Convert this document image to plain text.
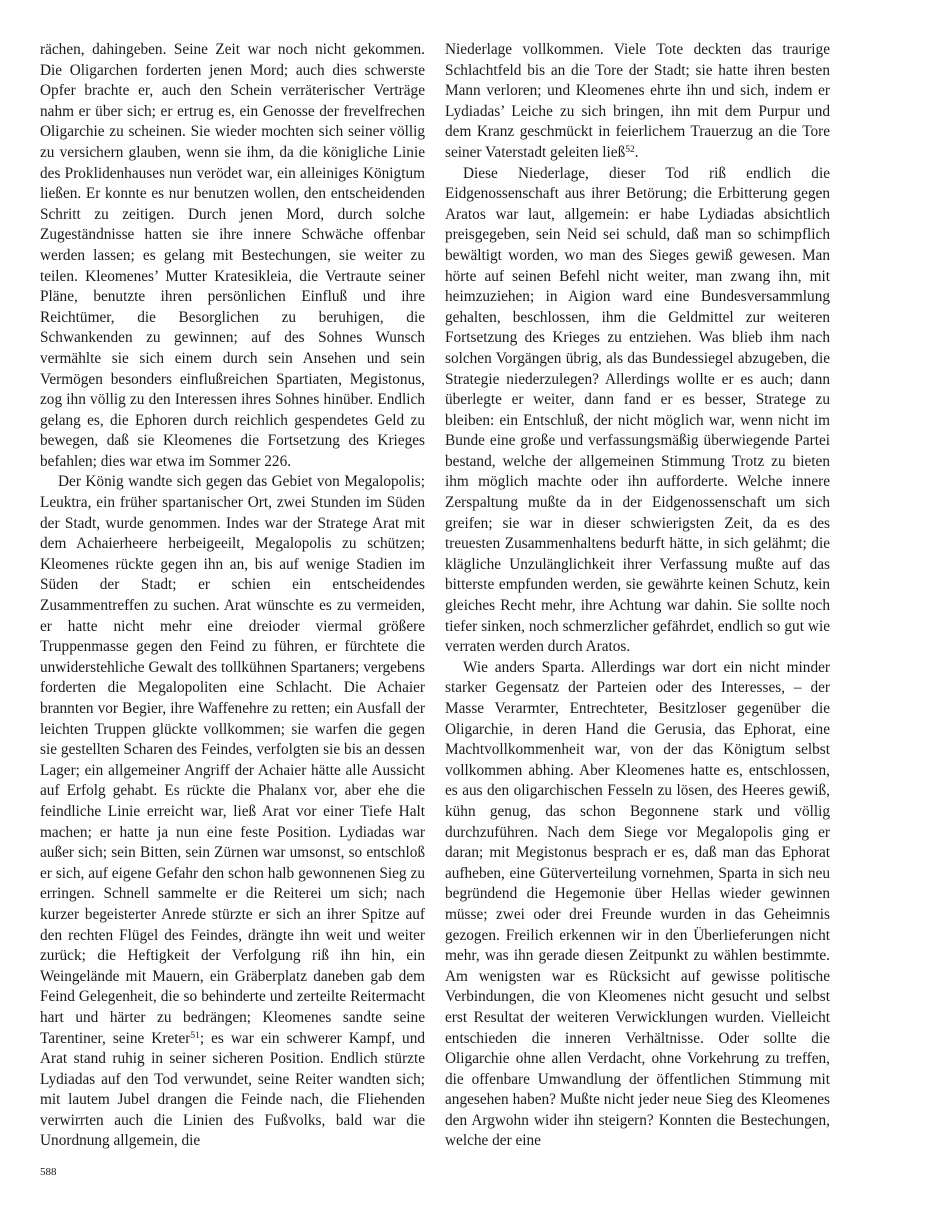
rächen, dahingeben. Seine Zeit war noch nicht gekommen. Die Oligarchen forderten jenen Mord; auch dies schwerste Opfer brachte er, auch den Schein verräterischer Verträge nahm er über sich; er ertrug es, ein Genosse der frevelfrechen Oligarchie zu scheinen. Sie wieder mochten sich seiner völlig zu versichern glauben, wenn sie ihm, da die königliche Linie des Proklidenhauses nun verödet war, ein alleiniges Königtum ließen. Er konnte es nur benutzen wollen, den entscheidenden Schritt zu zeitigen. Durch jenen Mord, durch solche Zugeständnisse hatten sie ihre innere Schwäche offenbar werden lassen; es gelang mit Bestechungen, sie weiter zu teilen. Kleomenes’ Mutter Kratesikleia, die Vertraute seiner Pläne, benutzte ihren persönlichen Einfluß und ihre Reichtümer, die Besorglichen zu beruhigen, die Schwankenden zu gewinnen; auf des Sohnes Wunsch vermählte sie sich einem durch sein Ansehen und sein Vermögen besonders einflußreichen Spartiaten, Megistonus, zog ihn völlig zu den Interessen ihres Sohnes hinüber. Endlich gelang es, die Ephoren durch reichlich gespendetes Geld zu bewegen, daß sie Kleomenes die Fortsetzung des Krieges befahlen; dies war etwa im Sommer 226.

Der König wandte sich gegen das Gebiet von Megalopolis; Leuktra, ein früher spartanischer Ort, zwei Stunden im Süden der Stadt, wurde genommen. Indes war der Stratege Arat mit dem Achaierheere herbeigeeilt, Megalopolis zu schützen; Kleomenes rückte gegen ihn an, bis auf wenige Stadien im Süden der Stadt; er schien ein entscheidendes Zusammentreffen zu suchen. Arat wünschte es zu vermeiden, er hatte nicht mehr eine dreioder viermal größere Truppenmasse gegen den Feind zu führen, er fürchtete die unwiderstehliche Gewalt des tollkühnen Spartaners; vergebens forderten die Megalopoliten eine Schlacht. Die Achaier brannten vor Begier, ihre Waffenehre zu retten; ein Ausfall der leichten Truppen glückte vollkommen; sie warfen die gegen sie gestellten Scharen des Feindes, verfolgten sie bis an dessen Lager; ein allgemeiner Angriff der Achaier hätte alle Aussicht auf Erfolg gehabt. Es rückte die Phalanx vor, aber ehe die feindliche Linie erreicht war, ließ Arat vor einer Tiefe Halt machen; er hatte ja nun eine feste Position. Lydiadas war außer sich; sein Bitten, sein Zürnen war umsonst, so entschloß er sich, auf eigene Gefahr den schon halb gewonnenen Sieg zu erringen. Schnell sammelte er die Reiterei um sich; nach kurzer begeisterter Anrede stürzte er sich an ihrer Spitze auf den rechten Flügel des Feindes, drängte ihn weit und weiter zurück; die Heftigkeit der Verfolgung riß ihn hin, ein Weingelände mit Mauern, ein Gräberplatz daneben gab dem Feind Gelegenheit, die so behinderte und zerteilte Reitermacht hart und härter zu bedrängen; Kleomenes sandte seine Tarentiner, seine Kreter$^{51}$; es war ein schwerer Kampf, und Arat stand ruhig in seiner sicheren Position. Endlich stürzte Lydiadas auf den Tod verwundet, seine Reiter wandten sich; mit lautem Jubel drangen die Feinde nach, die Fliehenden verwirrten auch die Linien des Fußvolks, bald war die Unordnung allgemein, die

Niederlage vollkommen. Viele Tote deckten das traurige Schlachtfeld bis an die Tore der Stadt; sie hatte ihren besten Mann verloren; und Kleomenes ehrte ihn und sich, indem er Lydiadas’ Leiche zu sich bringen, ihn mit dem Purpur und dem Kranz geschmückt in feierlichem Trauerzug an die Tore seiner Vaterstadt geleiten ließ$^{52}$.

Diese Niederlage, dieser Tod riß endlich die Eidgenossenschaft aus ihrer Betörung; die Erbitterung gegen Aratos war laut, allgemein: er habe Lydiadas absichtlich preisgegeben, sein Neid sei schuld, daß man so schimpflich bewältigt worden, wo man des Sieges gewiß gewesen. Man hörte auf seinen Befehl nicht weiter, man zwang ihn, mit heimzuziehen; in Aigion ward eine Bundesversammlung gehalten, beschlossen, ihm die Geldmittel zur weiteren Fortsetzung des Krieges zu entziehen. Was blieb ihm nach solchen Vorgängen übrig, als das Bundessiegel abzugeben, die Strategie niederzulegen? Allerdings wollte er es auch; dann überlegte er weiter, dann fand er es besser, Stratege zu bleiben: ein Entschluß, der nicht möglich war, wenn nicht im Bunde eine große und verfassungsmäßig überwiegende Partei bestand, welche der allgemeinen Stimmung Trotz zu bieten ihm möglich machte oder ihn aufforderte. Welche innere Zerspaltung mußte da in der Eidgenossenschaft um sich greifen; sie war in dieser schwierigsten Zeit, da es des treuesten Zusammenhaltens bedurft hätte, in sich gelähmt; die klägliche Unzulänglichkeit ihrer Verfassung mußte auf das bitterste empfunden werden, sie gewährte keinen Schutz, kein gleiches Recht mehr, ihre Achtung war dahin. Sie sollte noch tiefer sinken, noch schmerzlicher gefährdet, endlich so gut wie verraten werden durch Aratos.

Wie anders Sparta. Allerdings war dort ein nicht minder starker Gegensatz der Parteien oder des Interesses, – der Masse Verarmter, Entrechteter, Besitzloser gegenüber die Oligarchie, in deren Hand die Gerusia, das Ephorat, eine Machtvollkommenheit war, von der das Königtum selbst vollkommen abhing. Aber Kleomenes hatte es, entschlossen, es aus den oligarchischen Fesseln zu lösen, des Heeres gewiß, kühn genug, das schon Begonnene stark und völlig durchzuführen. Nach dem Siege vor Megalopolis ging er daran; mit Megistonus besprach er es, daß man das Ephorat aufheben, eine Güterverteilung vornehmen, Sparta in sich neu begründend die Hegemonie über Hellas wieder gewinnen müsse; zwei oder drei Freunde wurden in das Geheimnis gezogen. Freilich erkennen wir in den Überlieferungen nicht mehr, was ihn gerade diesen Zeitpunkt zu wählen bestimmte. Am wenigsten war es Rücksicht auf gewisse politische Verbindungen, die von Kleomenes nicht gesucht und selbst erst Resultat der weiteren Verwicklungen wurden. Vielleicht entschieden die inneren Verhältnisse. Oder sollte die Oligarchie ohne allen Verdacht, ohne Vorkehrung zu treffen, die offenbare Umwandlung der öffentlichen Stimmung mit angesehen haben? Mußte nicht jeder neue Sieg des Kleomenes den Argwohn wider ihn steigern? Konnten die Bestechungen, welche der eine

588
